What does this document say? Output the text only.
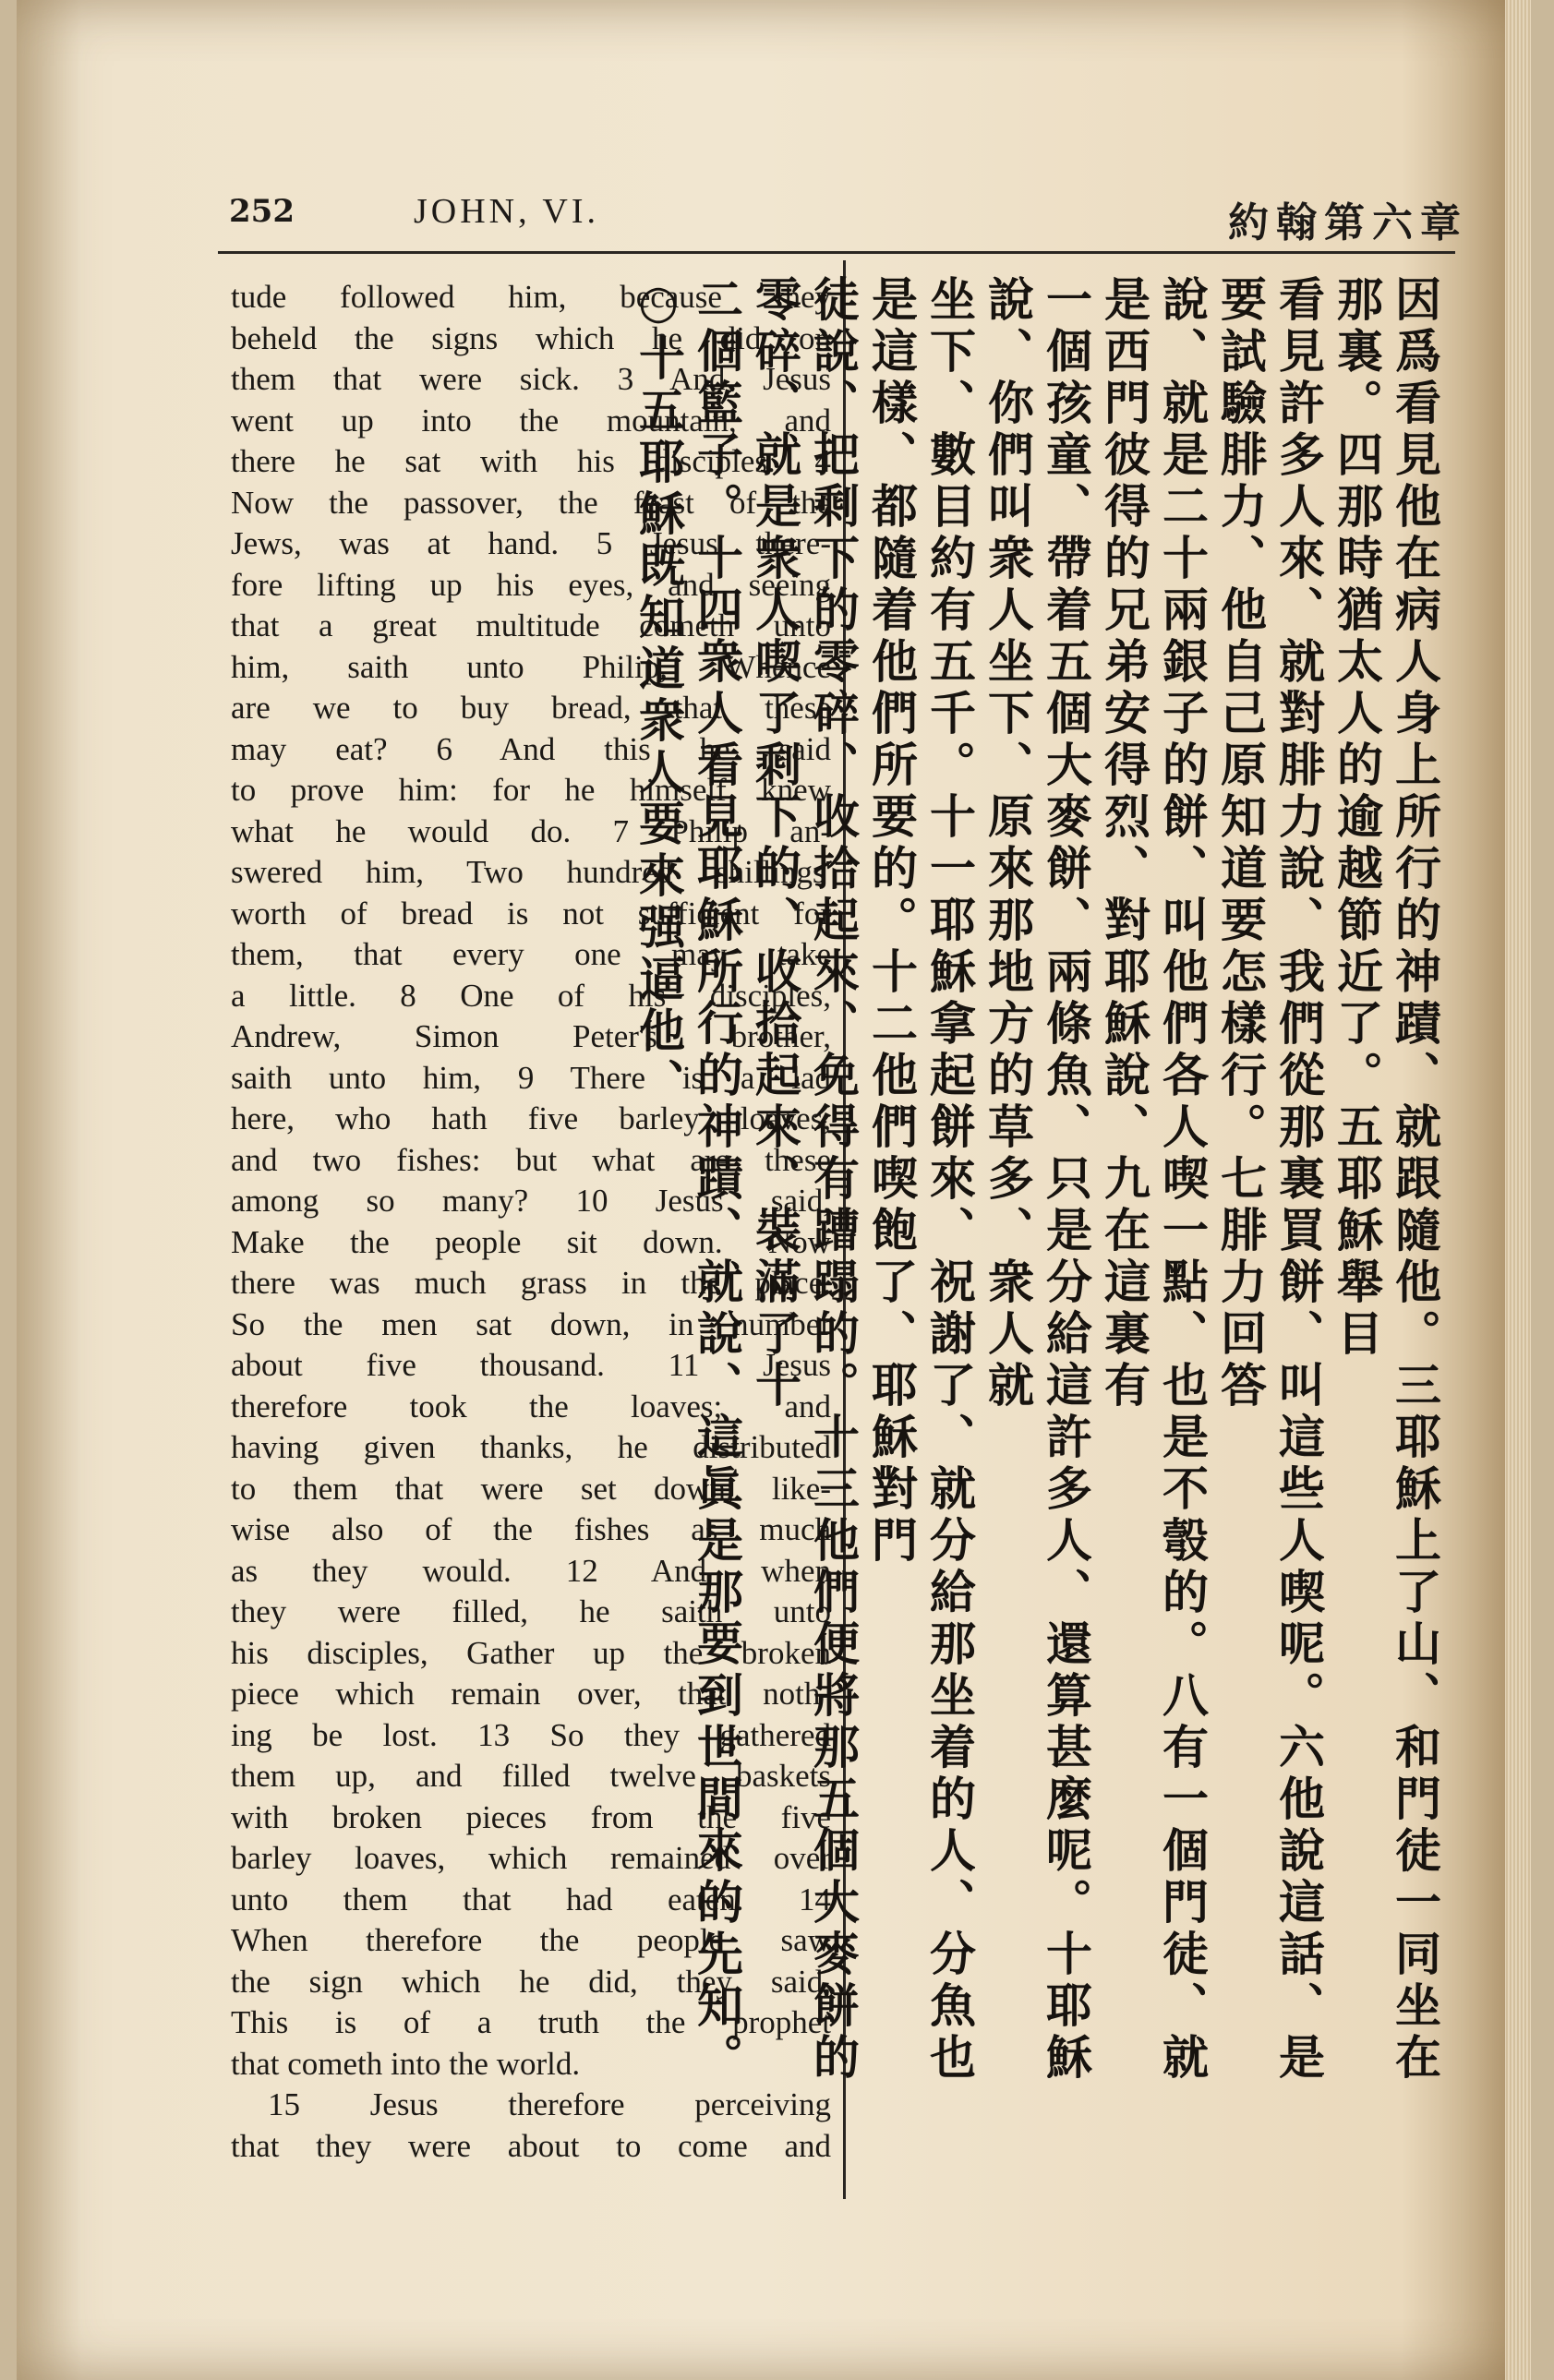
252	JOHN, VI.	約翰第六章
tude followed him, because they
beheld the signs which he did on
them that were sick. 3 And Jesus
went up into the mountain, and
there he sat with his disciples. 4
Now the passover, the feast of the
Jews, was at hand. 5 Jesus there-
fore lifting up his eyes, and seeing
that a great multitude cometh unto
him, saith unto Philip, Whence
are we to buy bread, that these
may eat? 6 And this he said
to prove him: for he himself knew
what he would do. 7 Philip an-
swered him, Two hundred shillings'
worth of bread is not sufficient for
them, that every one may take
a little. 8 One of his disciples,
Andrew, Simon Peter's brother,
saith unto him, 9 There is a lad
here, who hath five barley loaves,
and two fishes: but what are these
among so many? 10 Jesus said,
Make the people sit down. Now
there was much grass in the place.
So the men sat down, in number
about five thousand. 11 Jesus
therefore took the loaves; and
having given thanks, he distributed
to them that were set down; like-
wise also of the fishes as much
as they would. 12 And when
they were filled, he saith unto
his disciples, Gather up the broken
piece which remain over, that noth-
ing be lost. 13 So they gathered
them up, and filled twelve baskets
with broken pieces from the five
barley loaves, which remained over
unto them that had eaten. 14
When therefore the people saw
the sign which he did, they said,
This is of a truth the prophet
that cometh into the world.
15 Jesus therefore perceiving
that they were about to come and
因爲看見他在病人身上所行的神蹟、就跟隨他。三耶穌上了山、和門徒一同坐在那裏。四那時猶太人的逾越節近了。五耶穌舉目
看見許多人來、就對腓力說、我們從那裏買餅、叫這些人喫呢。六他說這話、是要試驗腓力、他自己原知道要怎樣行。七腓力回答
說、就是二十兩銀子的餅、叫他們各人喫一點、也是不彀的。八有一個門徒、就是西門彼得的兄弟安得烈、對耶穌說、九在這裏有
一個孩童、帶着五個大麥餅、兩條魚、只是分給這許多人、還算甚麼呢。十耶穌說、你們叫衆人坐下、原來那地方的草多、衆人就
坐下、數目約有五千。十一耶穌拿起餅來、祝謝了、就分給那坐着的人、分魚也是這樣、都隨着他們所要的。十二他們喫飽了、耶穌對門
徒說、把剩下的零碎、收拾起來、免得有蹧蹋的。十三他們便將那五個大麥餅的零碎、就是衆人喫了剩下的、收拾起來、裝滿了十
二個籃子。十四衆人看見耶穌所行的神蹟、就說、這眞是那要到世間來的先知。○十五耶穌既知道衆人要來强逼他、
